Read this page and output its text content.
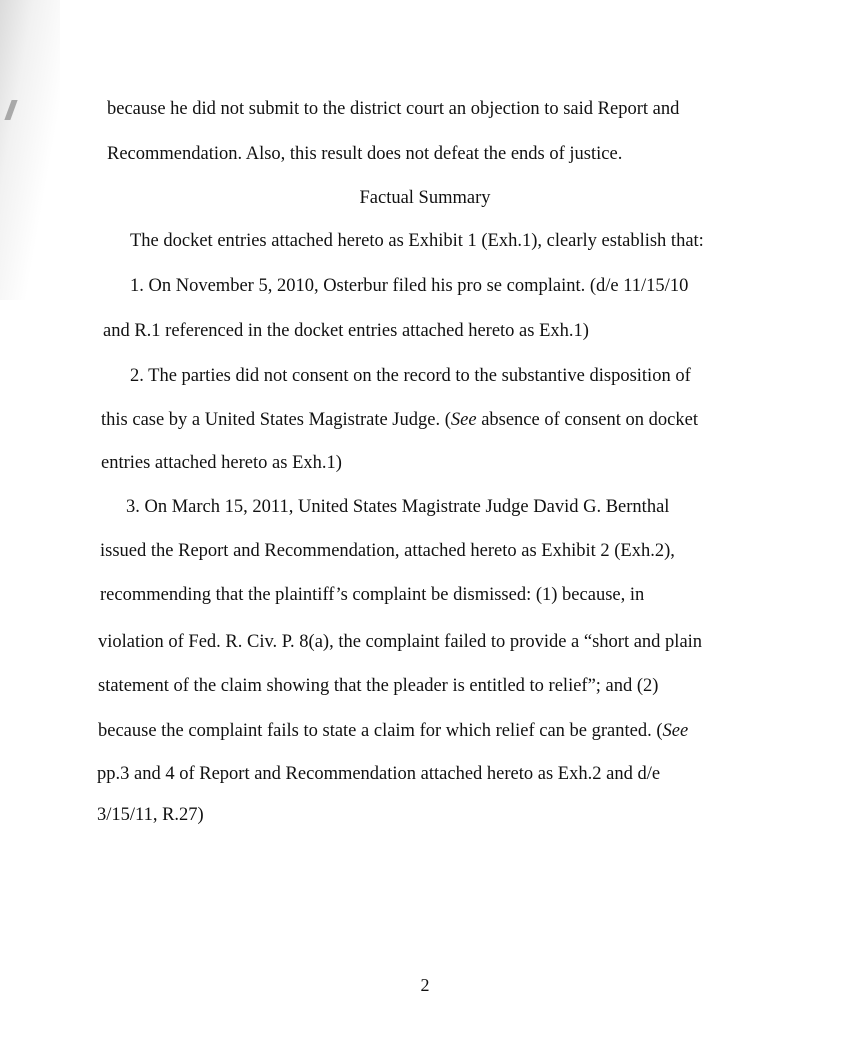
because he did not submit to the district court an objection to said Report and
Recommendation. Also, this result does not defeat the ends of justice.
Factual Summary
The docket entries attached hereto as Exhibit 1 (Exh.1), clearly establish that:
1. On November 5, 2010, Osterbur filed his pro se complaint. (d/e 11/15/10
and R.1 referenced in the docket entries attached hereto as Exh.1)
2. The parties did not consent on the record to the substantive disposition of
this case by a United States Magistrate Judge. (See absence of consent on docket
entries attached hereto as Exh.1)
3. On March 15, 2011, United States Magistrate Judge David G. Bernthal
issued the Report and Recommendation, attached hereto as Exhibit 2 (Exh.2),
recommending that the plaintiff’s complaint be dismissed: (1) because, in
violation of Fed. R. Civ. P. 8(a), the complaint failed to provide a “short and plain
statement of the claim showing that the pleader is entitled to relief”; and (2)
because the complaint fails to state a claim for which relief can be granted. (See
pp.3 and 4 of Report and Recommendation attached hereto as Exh.2 and d/e
3/15/11, R.27)
2
